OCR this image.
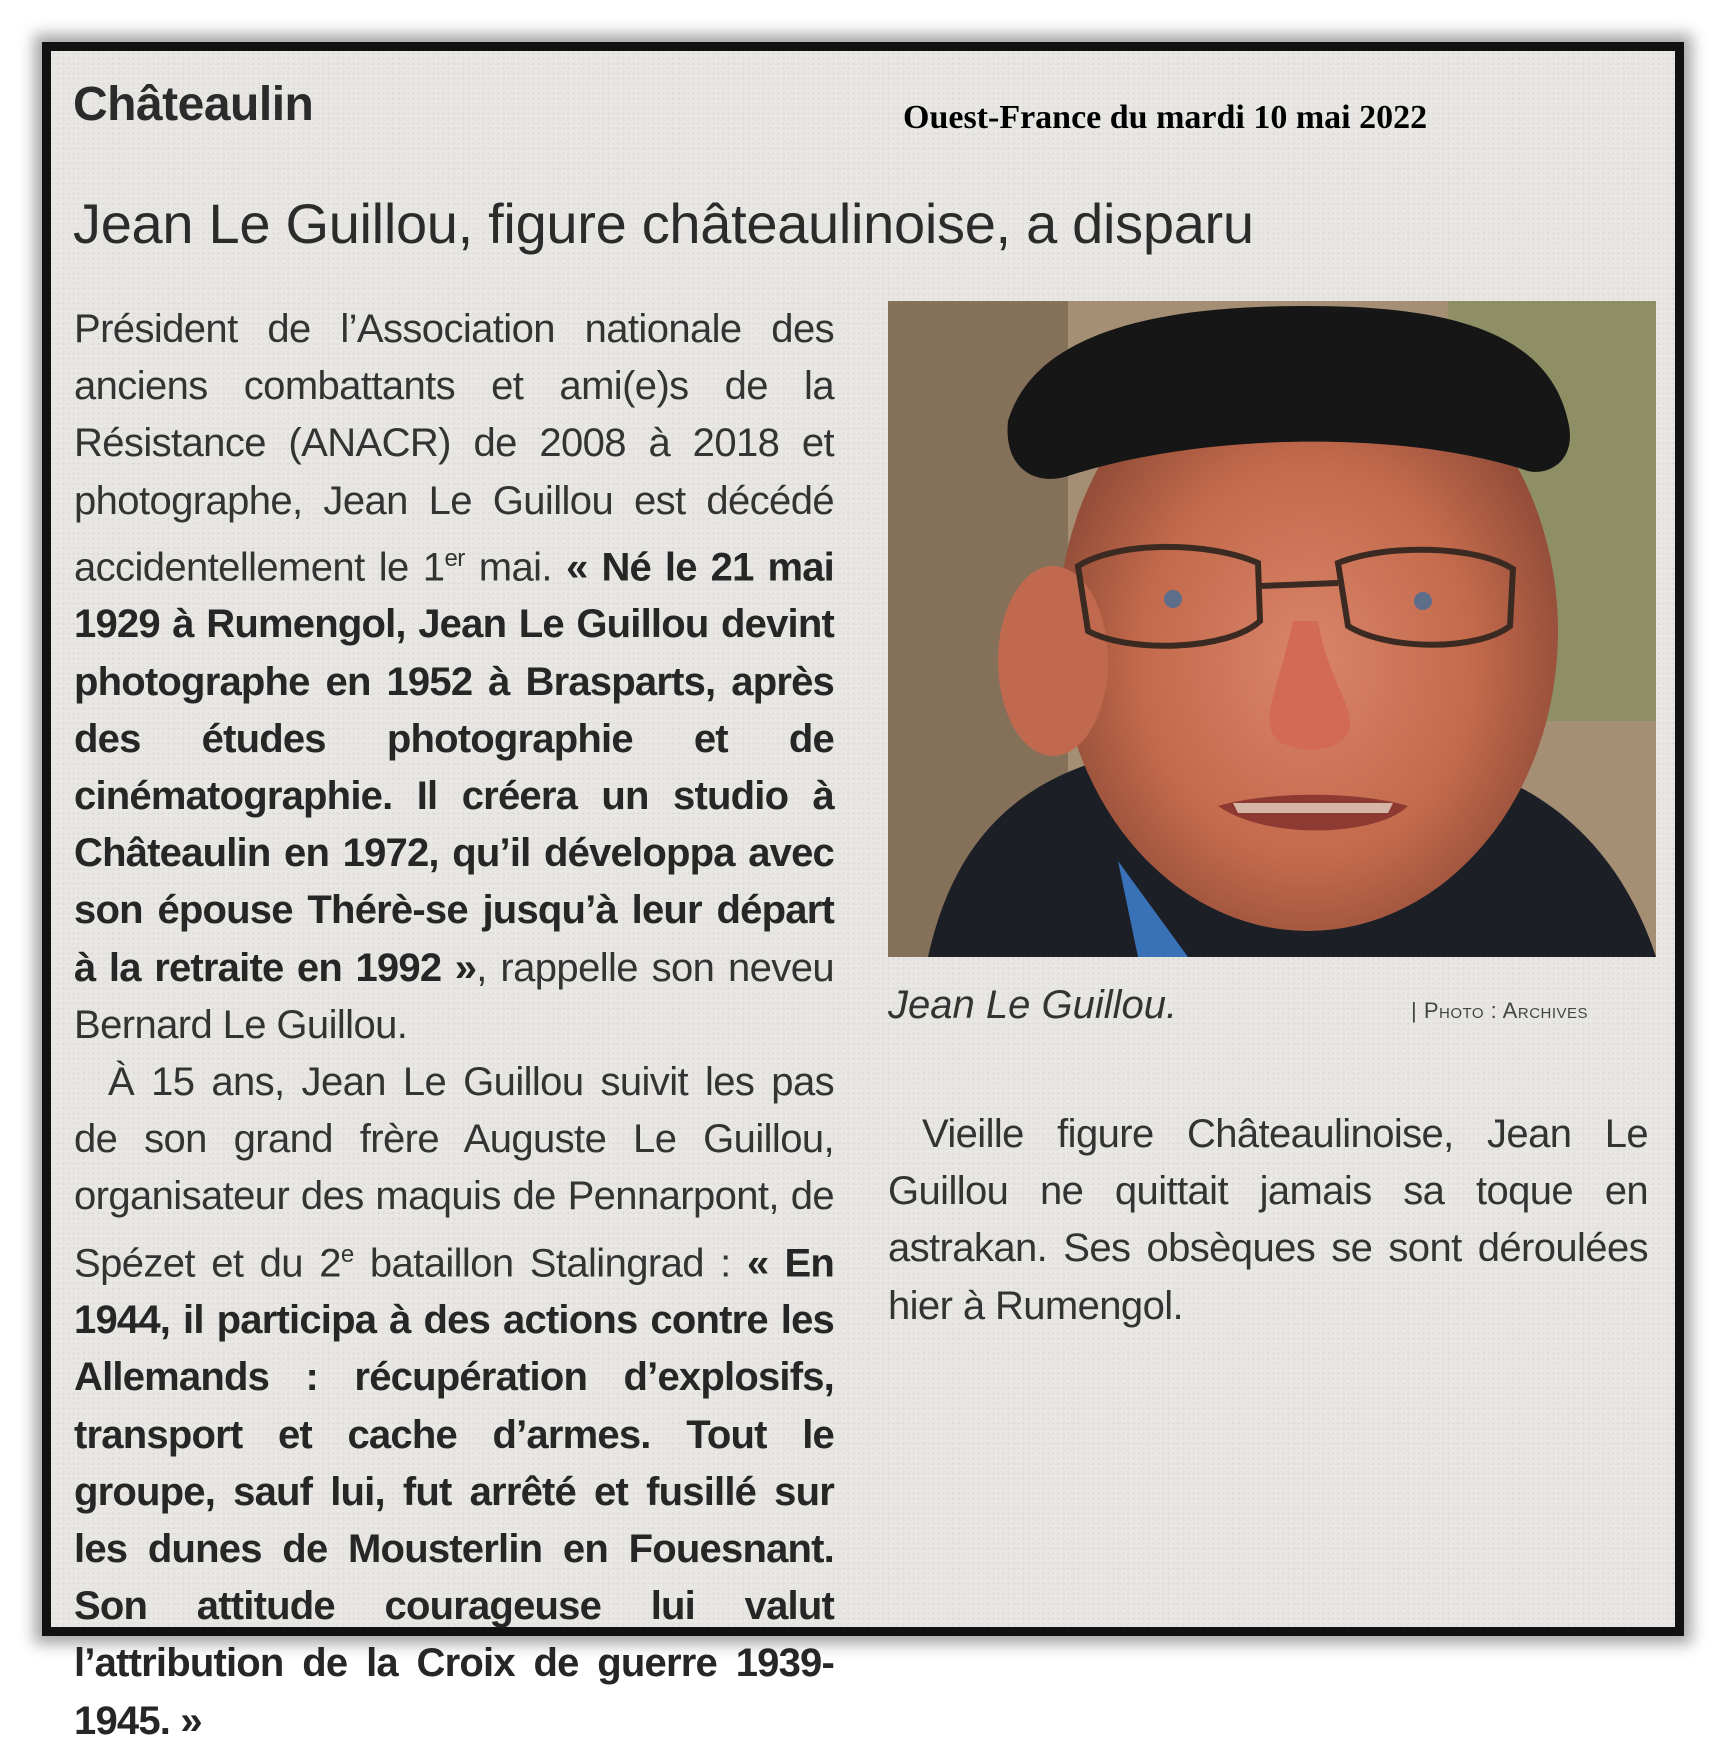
Châteaulin	Ouest-France du mardi 10 mai 2022
Jean Le Guillou, figure châteaulinoise, a disparu

Président de l’Association nationale des anciens combattants et ami(e)s de la Résistance (ANACR) de 2008 à 2018 et photographe, Jean Le Guillou est décédé accidentellement le 1er mai. « Né le 21 mai 1929 à Rumengol, Jean Le Guillou devint photographe en 1952 à Brasparts, après des études photographie et de cinématographie. Il créera un studio à Châteaulin en 1972, qu’il développa avec son épouse Thérè-se jusqu’à leur départ à la retraite en 1992 », rappelle son neveu Bernard Le Guillou.

À 15 ans, Jean Le Guillou suivit les pas de son grand frère Auguste Le Guillou, organisateur des maquis de Pennarpont, de Spézet et du 2e bataillon Stalingrad : « En 1944, il participa à des actions contre les Allemands : récupération d’explosifs, transport et cache d’armes. Tout le groupe, sauf lui, fut arrêté et fusillé sur les dunes de Mousterlin en Fouesnant. Son attitude courageuse lui valut l’attribution de la Croix de guerre 1939-1945. »

Jean Le Guillou.	| Photo : Archives

Vieille figure Châteaulinoise, Jean Le Guillou ne quittait jamais sa toque en astrakan. Ses obsèques se sont déroulées hier à Rumengol.
